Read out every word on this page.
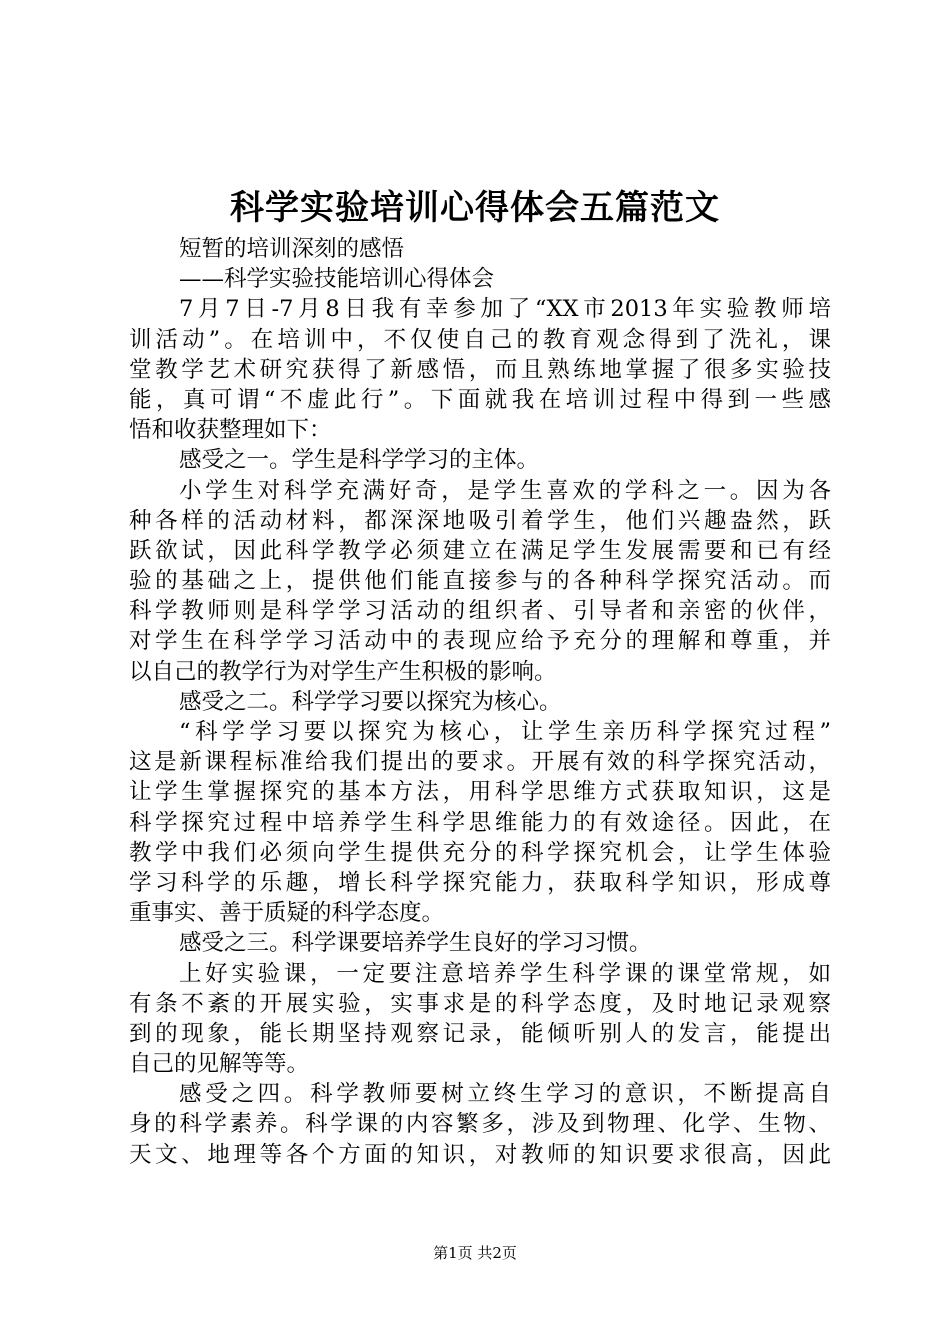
科学实验培训心得体会五篇范文
短暂的培训深刻的感悟
——科学实验技能培训心得体会
7月7日-7月8日我有幸参加了“XX市2013年实验教师培
训活动”。在培训中，不仅使自己的教育观念得到了洗礼，课
堂教学艺术研究获得了新感悟，而且熟练地掌握了很多实验技
能，真可谓“不虚此行”。下面就我在培训过程中得到一些感
悟和收获整理如下：
感受之一。学生是科学学习的主体。
小学生对科学充满好奇，是学生喜欢的学科之一。因为各
种各样的活动材料，都深深地吸引着学生，他们兴趣盎然，跃
跃欲试，因此科学教学必须建立在满足学生发展需要和已有经
验的基础之上，提供他们能直接参与的各种科学探究活动。而
科学教师则是科学学习活动的组织者、引导者和亲密的伙伴，
对学生在科学学习活动中的表现应给予充分的理解和尊重，并
以自己的教学行为对学生产生积极的影响。
感受之二。科学学习要以探究为核心。
“科学学习要以探究为核心，让学生亲历科学探究过程”
这是新课程标准给我们提出的要求。开展有效的科学探究活动，
让学生掌握探究的基本方法，用科学思维方式获取知识，这是
科学探究过程中培养学生科学思维能力的有效途径。因此，在
教学中我们必须向学生提供充分的科学探究机会，让学生体验
学习科学的乐趣，增长科学探究能力，获取科学知识，形成尊
重事实、善于质疑的科学态度。
感受之三。科学课要培养学生良好的学习习惯。
上好实验课，一定要注意培养学生科学课的课堂常规，如
有条不紊的开展实验，实事求是的科学态度，及时地记录观察
到的现象，能长期坚持观察记录，能倾听别人的发言，能提出
自己的见解等等。
感受之四。科学教师要树立终生学习的意识，不断提高自
身的科学素养。科学课的内容繁多，涉及到物理、化学、生物、
天文、地理等各个方面的知识，对教师的知识要求很高，因此
第1页 共2页
